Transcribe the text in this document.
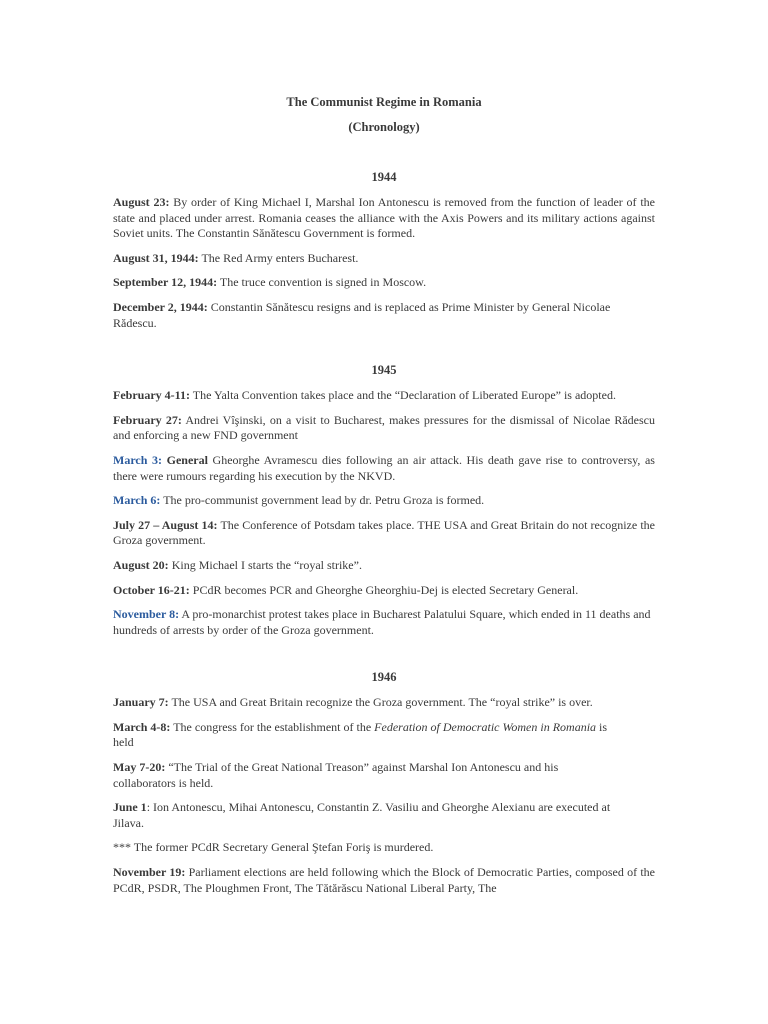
The Communist Regime in Romania

(Chronology)

1944

August 23: By order of King Michael I, Marshal Ion Antonescu is removed from the function of leader of the state and placed under arrest. Romania ceases the alliance with the Axis Powers and its military actions against Soviet units. The Constantin Sănătescu Government is formed.

August 31, 1944: The Red Army enters Bucharest.

September 12, 1944: The truce convention is signed in Moscow.

December 2, 1944: Constantin Sănătescu resigns and is replaced as Prime Minister by General Nicolae Rădescu.

1945

February 4-11: The Yalta Convention takes place and the “Declaration of Liberated Europe” is adopted.

February 27: Andrei Vîşinski, on a visit to Bucharest, makes pressures for the dismissal of Nicolae Rădescu and enforcing a new FND government

March 3: General Gheorghe Avramescu dies following an air attack. His death gave rise to controversy, as there were rumours regarding his execution by the NKVD.

March 6: The pro-communist government lead by dr. Petru Groza is formed.

July 27 – August 14: The Conference of Potsdam takes place. THE USA and Great Britain do not recognize the Groza government.

August 20: King Michael I starts the “royal strike”.

October 16-21: PCdR becomes PCR and Gheorghe Gheorghiu-Dej is elected Secretary General.

November 8: A pro-monarchist protest takes place in Bucharest Palatului Square, which ended in 11 deaths and hundreds of arrests by order of the Groza government.

1946

January 7: The USA and Great Britain recognize the Groza government. The “royal strike” is over.

March 4-8: The congress for the establishment of the Federation of Democratic Women in Romania is held

May 7-20: “The Trial of the Great National Treason” against Marshal Ion Antonescu and his collaborators is held.

June 1: Ion Antonescu, Mihai Antonescu, Constantin Z. Vasiliu and Gheorghe Alexianu are executed at Jilava.

*** The former PCdR Secretary General Ştefan Foriş is murdered.

November 19: Parliament elections are held following which the Block of Democratic Parties, composed of the PCdR, PSDR, The Ploughmen Front, The Tătărăscu National Liberal Party, The
